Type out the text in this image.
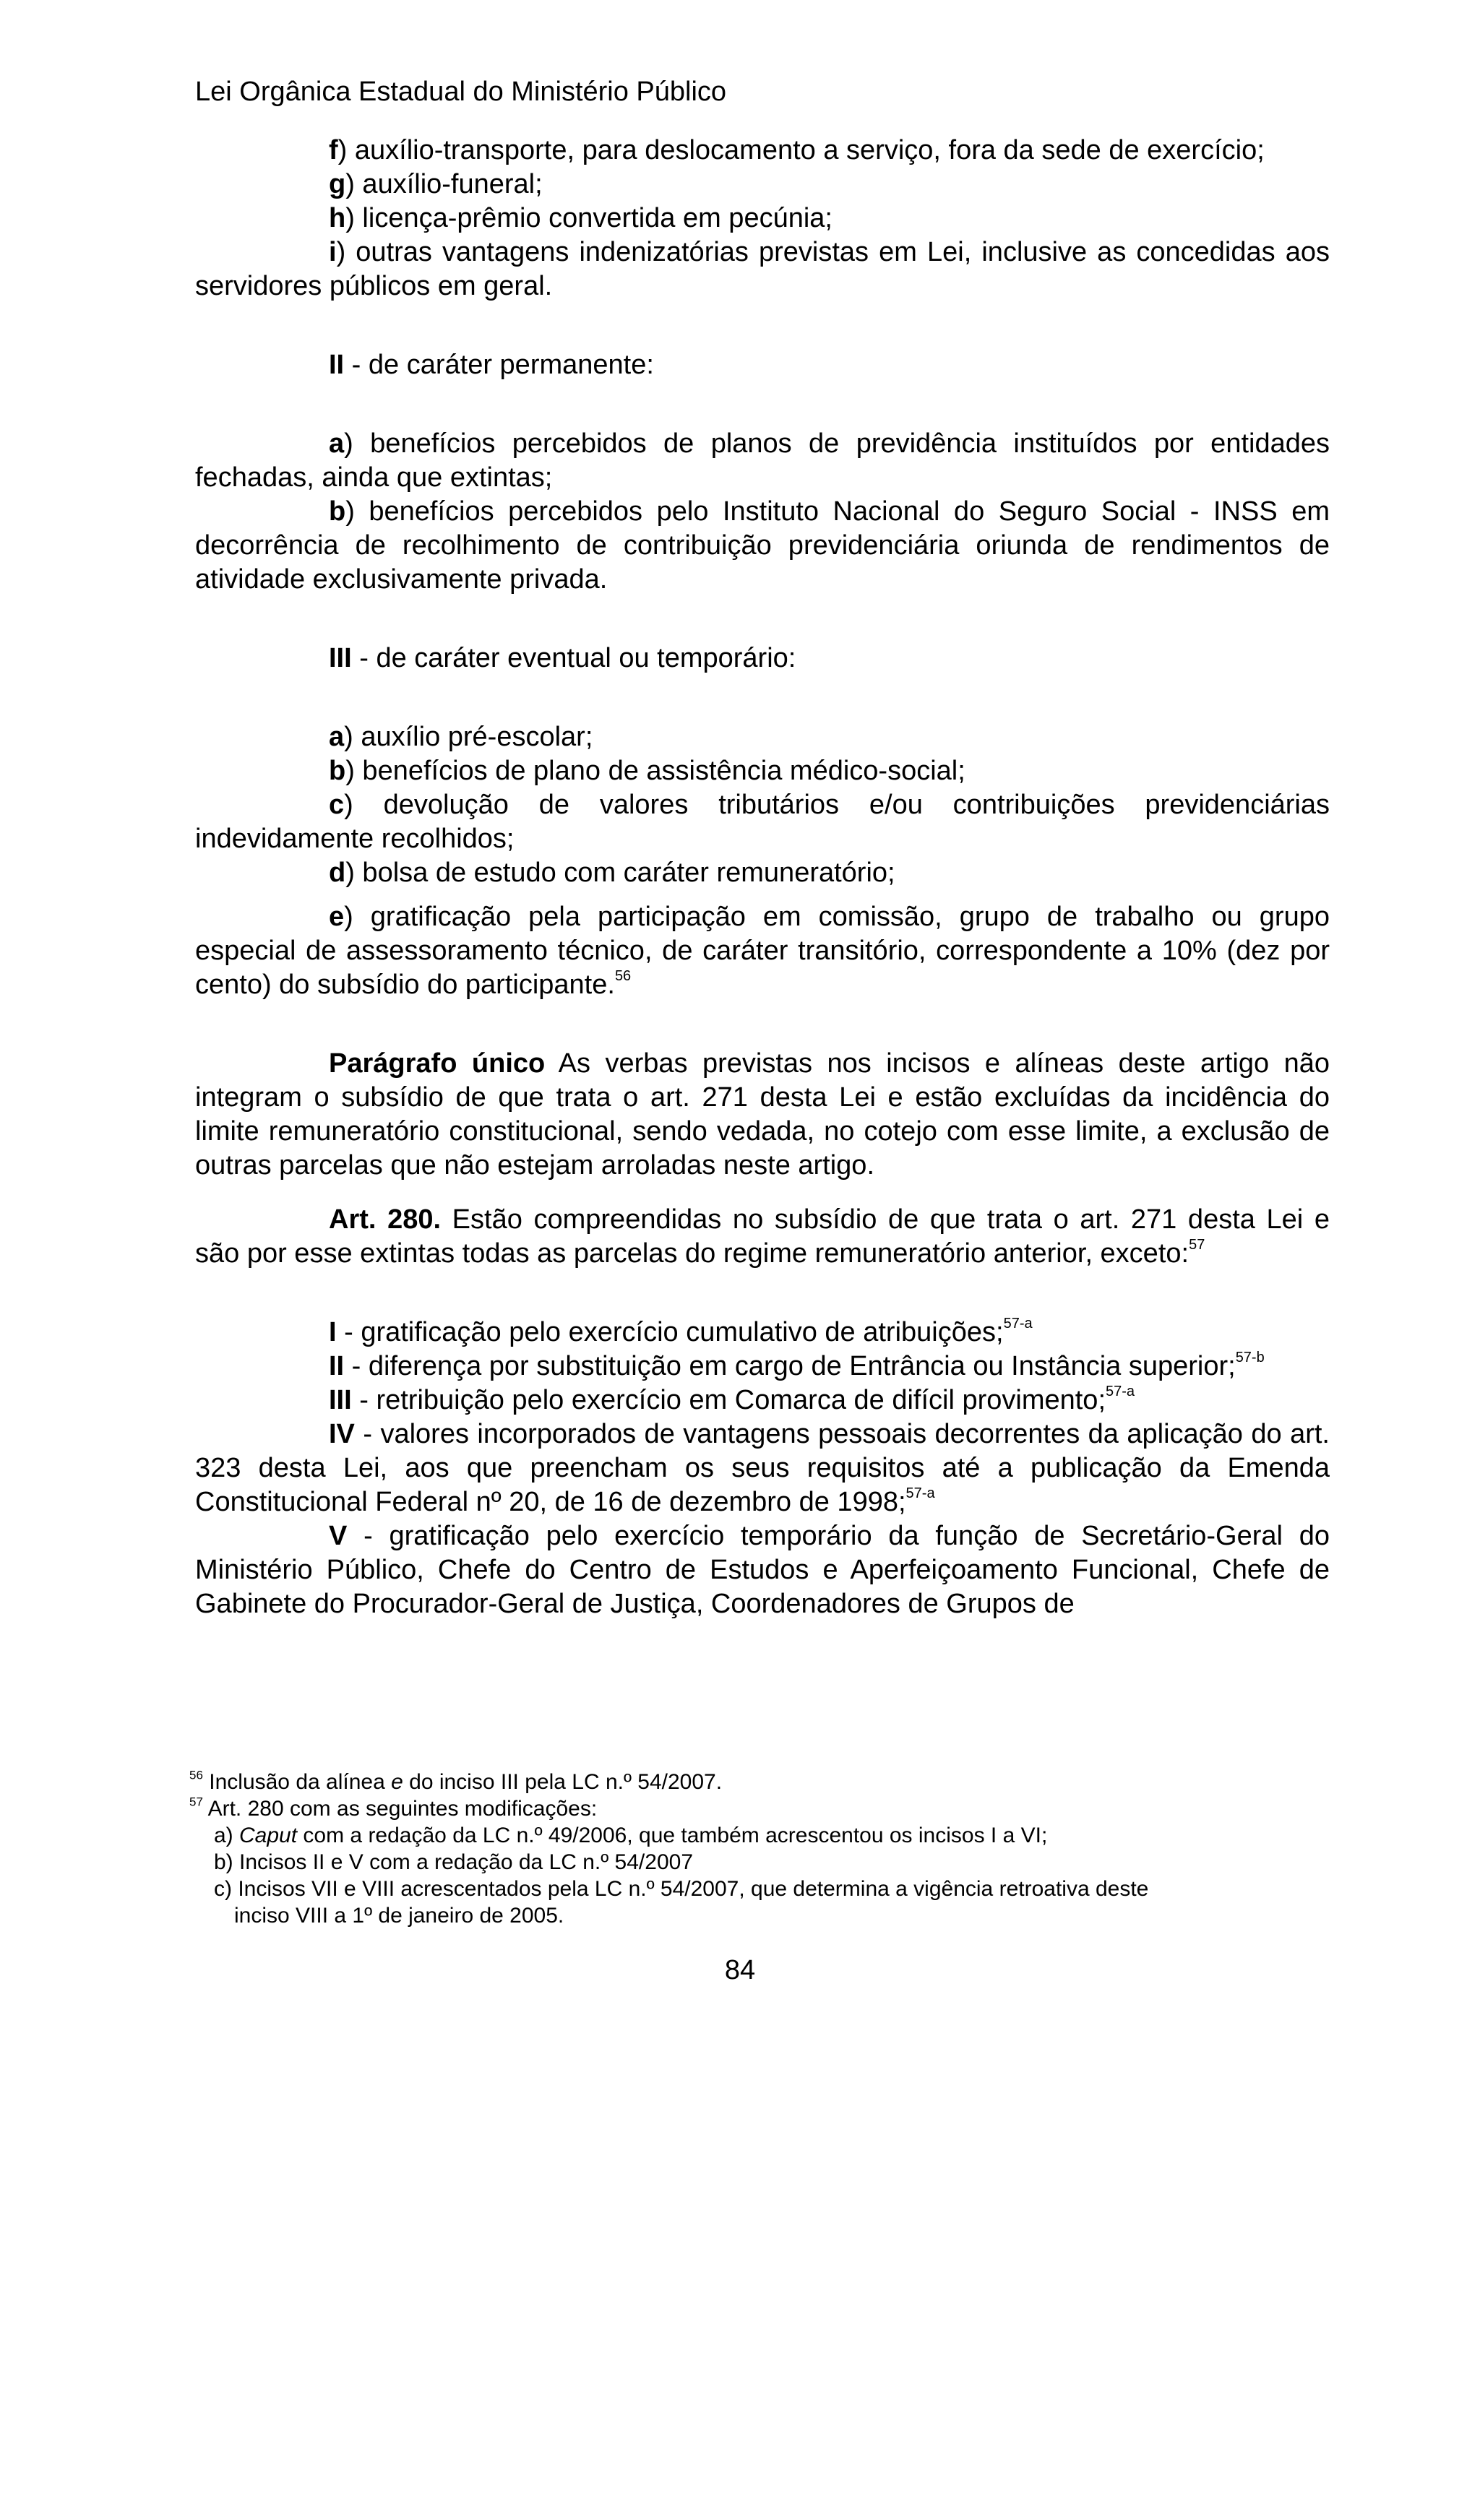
Lei Orgânica Estadual do Ministério Público

f) auxílio-transporte, para deslocamento a serviço, fora da sede de exercício;

g) auxílio-funeral;

h) licença-prêmio convertida em pecúnia;

i) outras vantagens indenizatórias previstas em Lei, inclusive as concedidas aos servidores públicos em geral.

II - de caráter permanente:

a) benefícios percebidos de planos de previdência instituídos por entidades fechadas, ainda que extintas;

b) benefícios percebidos pelo Instituto Nacional do Seguro Social - INSS em decorrência de recolhimento de contribuição previdenciária oriunda de rendimentos de atividade exclusivamente privada.

III - de caráter eventual ou temporário:

a) auxílio pré-escolar;

b) benefícios de plano de assistência médico-social;

c) devolução de valores tributários e/ou contribuições previdenciárias indevidamente recolhidos;

d) bolsa de estudo com caráter remuneratório;

e) gratificação pela participação em comissão, grupo de trabalho ou grupo especial de assessoramento técnico, de caráter transitório, correspondente a 10% (dez por cento) do subsídio do participante.$^{56}$

Parágrafo único As verbas previstas nos incisos e alíneas deste artigo não integram o subsídio de que trata o art. 271 desta Lei e estão excluídas da incidência do limite remuneratório constitucional, sendo vedada, no cotejo com esse limite, a exclusão de outras parcelas que não estejam arroladas neste artigo.

Art. 280. Estão compreendidas no subsídio de que trata o art. 271 desta Lei e são por esse extintas todas as parcelas do regime remuneratório anterior, exceto:$^{57}$

I - gratificação pelo exercício cumulativo de atribuições;$^{57-a}$

II - diferença por substituição em cargo de Entrância ou Instância superior;$^{57-b}$

III - retribuição pelo exercício em Comarca de difícil provimento;$^{57-a}$

IV - valores incorporados de vantagens pessoais decorrentes da aplicação do art. 323 desta Lei, aos que preencham os seus requisitos até a publicação da Emenda Constitucional Federal nº 20, de 16 de dezembro de 1998;$^{57-a}$

V - gratificação pelo exercício temporário da função de Secretário-Geral do Ministério Público, Chefe do Centro de Estudos e Aperfeiçoamento Funcional, Chefe de Gabinete do Procurador-Geral de Justiça, Coordenadores de Grupos de

$^{56}$ Inclusão da alínea e do inciso III pela LC n.º 54/2007.
$^{57}$ Art. 280 com as seguintes modificações:
a) Caput com a redação da LC n.º 49/2006, que também acrescentou os incisos I a VI;
b) Incisos II e V com a redação da LC n.º 54/2007
c) Incisos VII e VIII acrescentados pela LC n.º 54/2007, que determina a vigência retroativa deste
inciso VIII a 1º de janeiro de 2005.
84
